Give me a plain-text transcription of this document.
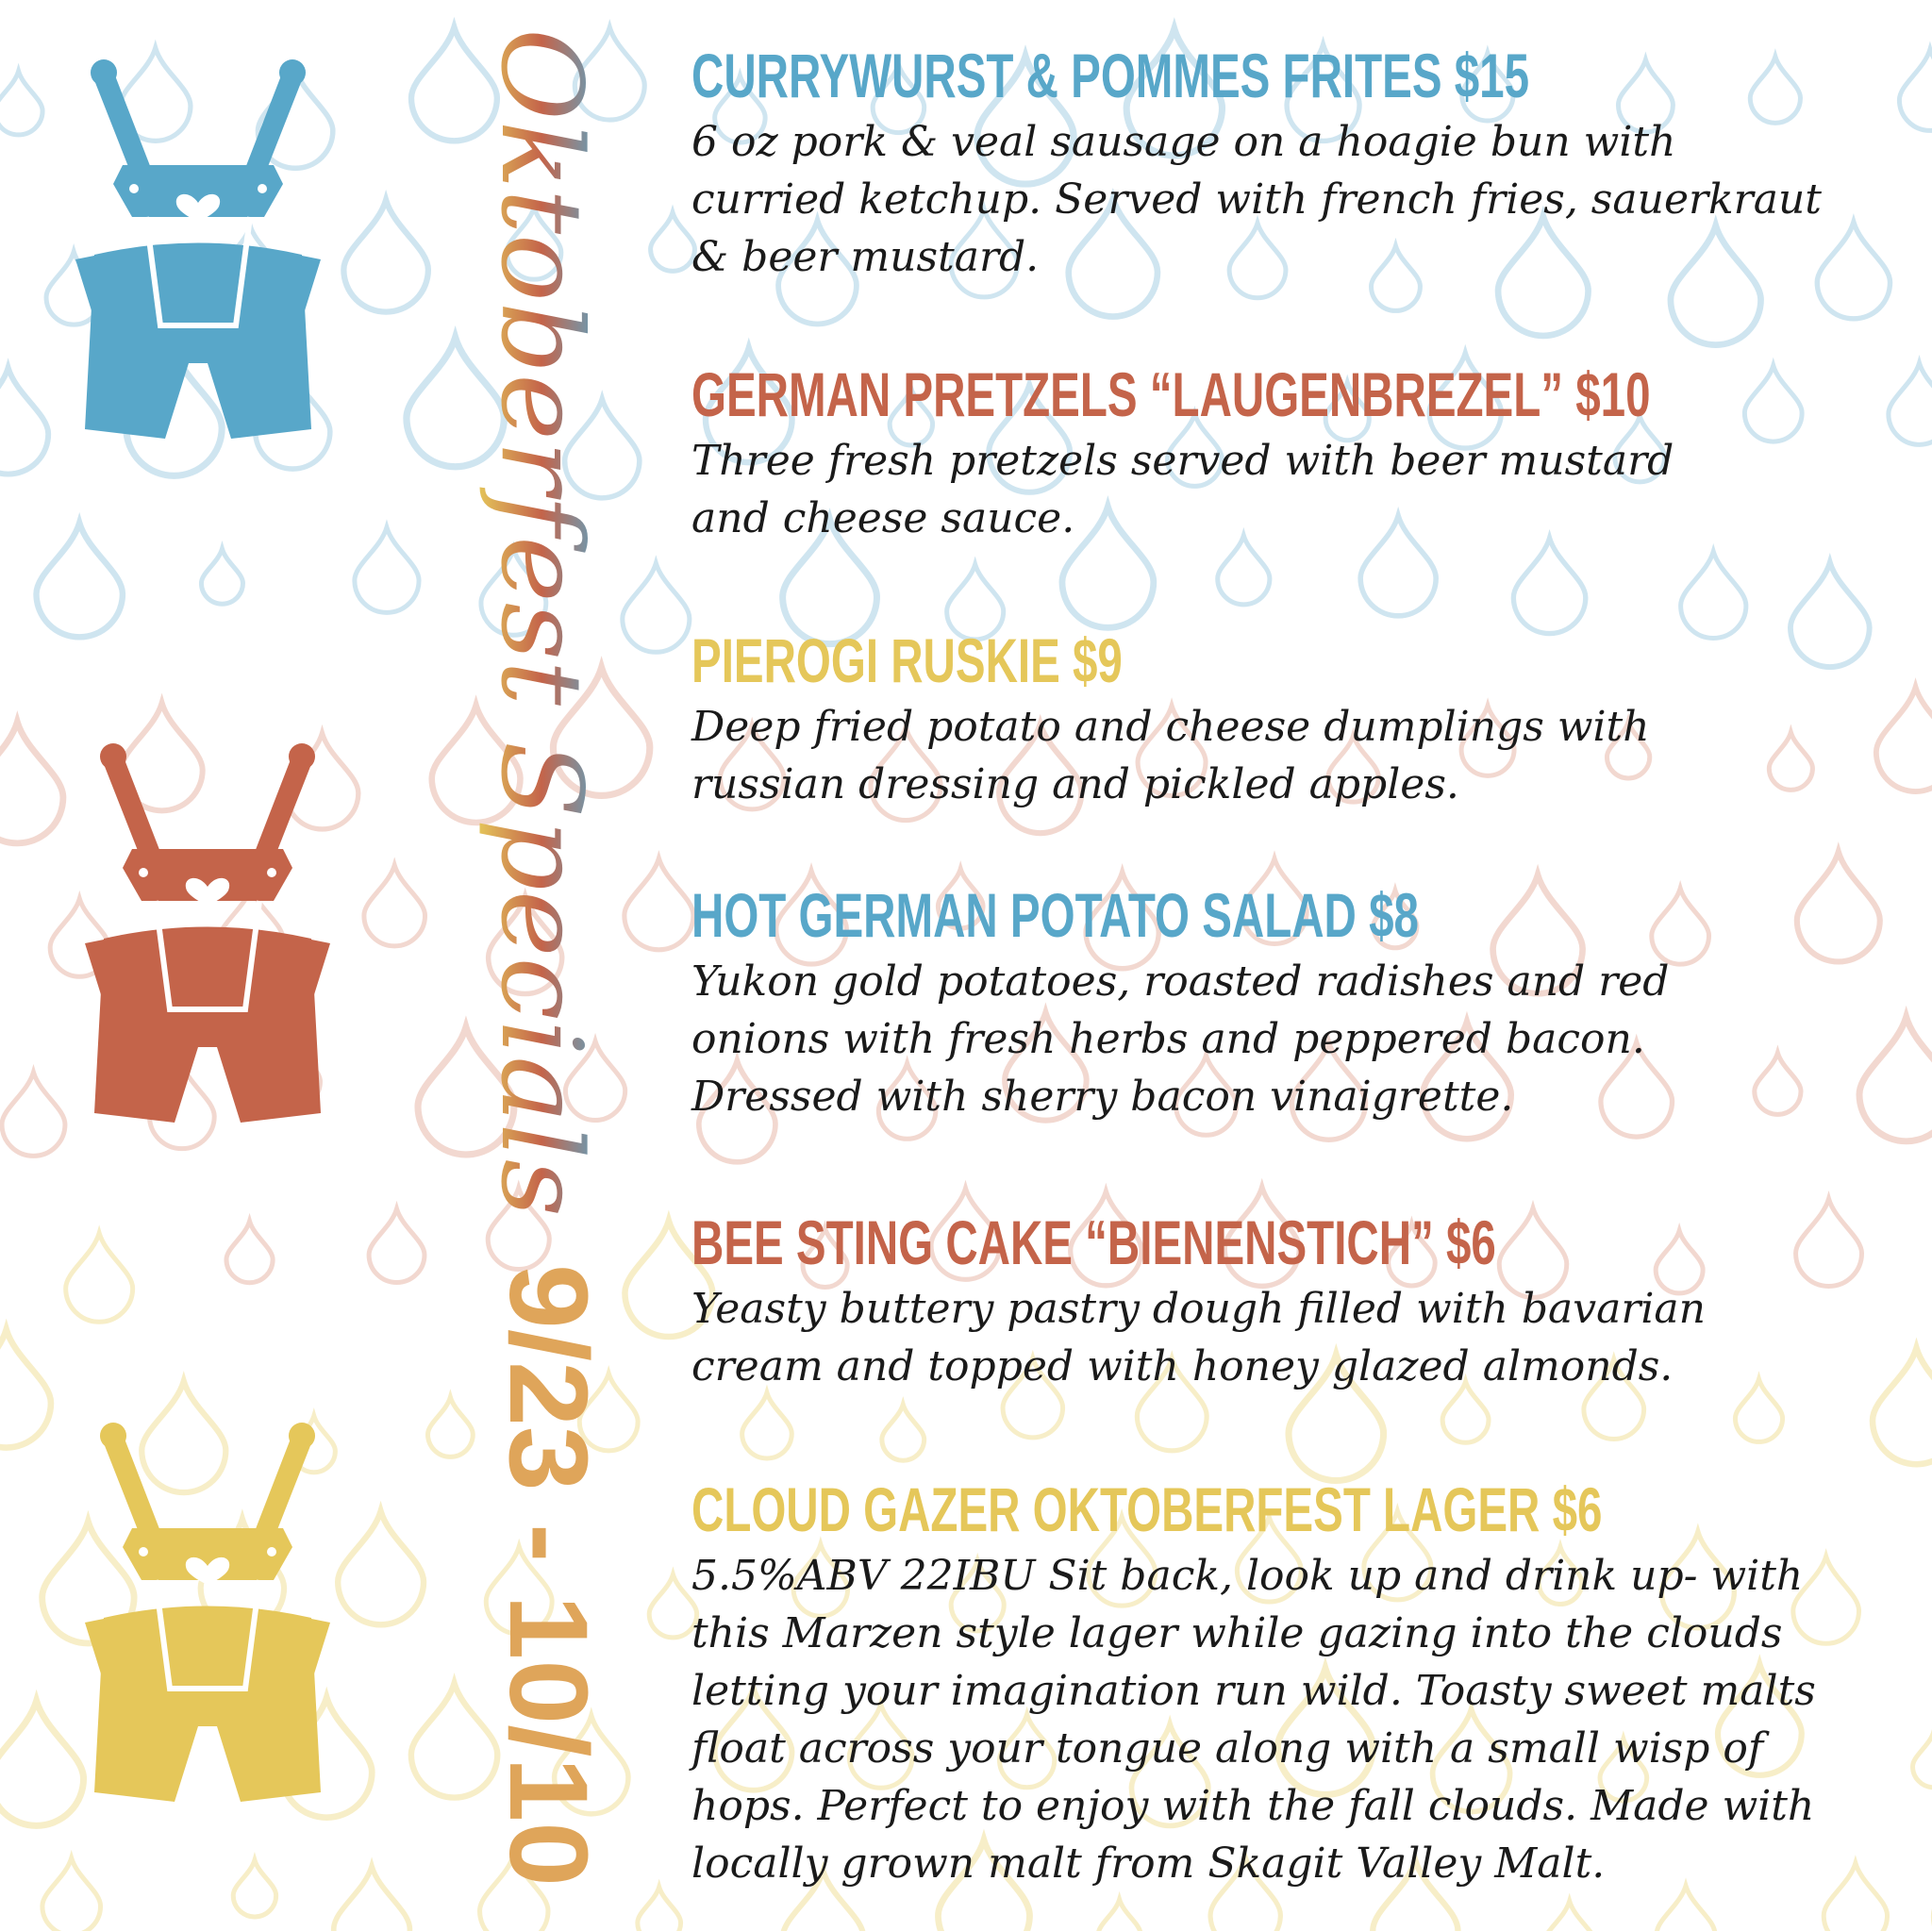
Oktoberfest Specials
9/23 - 10/10

CURRYWURST & POMMES FRITES $15

6 oz pork & veal sausage on a hoagie bun with
curried ketchup. Served with french fries, sauerkraut
& beer mustard.

GERMAN PRETZELS “LAUGENBREZEL” $10

Three fresh pretzels served with beer mustard
and cheese sauce.

PIEROGI RUSKIE $9

Deep fried potato and cheese dumplings with
russian dressing and pickled apples.

HOT GERMAN POTATO SALAD $8

Yukon gold potatoes, roasted radishes and red
onions with fresh herbs and peppered bacon.
Dressed with sherry bacon vinaigrette.

BEE STING CAKE “BIENENSTICH” $6

Yeasty buttery pastry dough filled with bavarian
cream and topped with honey glazed almonds.

CLOUD GAZER OKTOBERFEST LAGER $6

5.5%ABV 22IBU Sit back, look up and drink up- with
this Marzen style lager while gazing into the clouds
letting your imagination run wild. Toasty sweet malts
float across your tongue along with a small wisp of
hops. Perfect to enjoy with the fall clouds. Made with
locally grown malt from Skagit Valley Malt.
